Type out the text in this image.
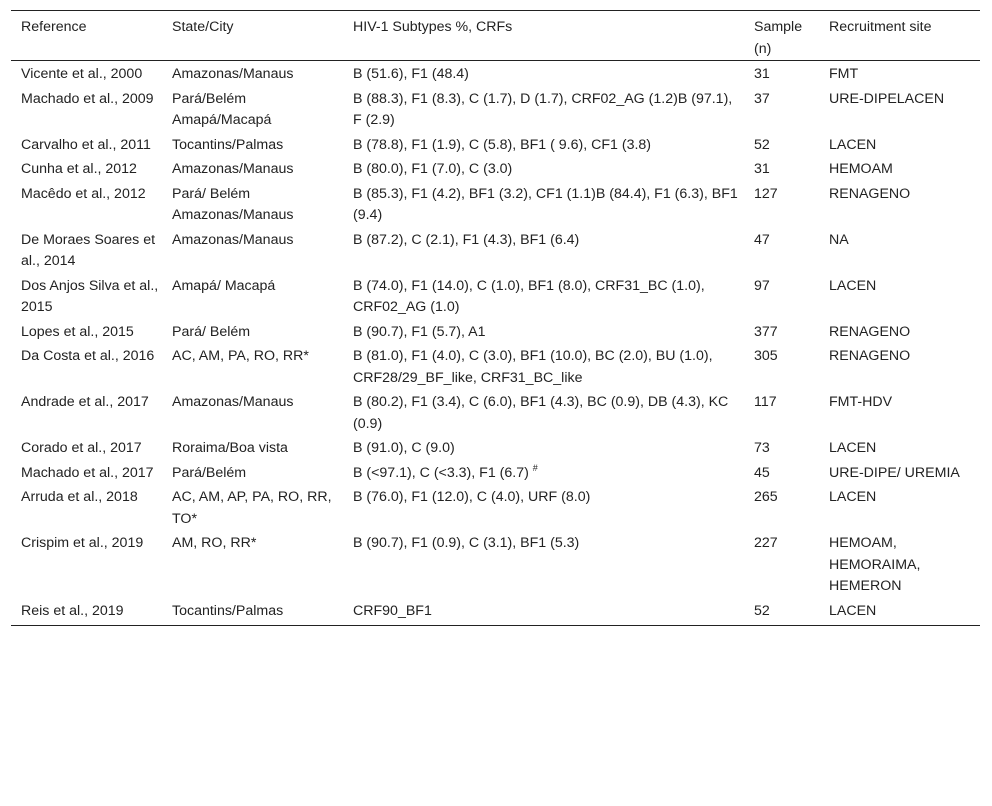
Reference	State/City	HIV-1 Subtypes %, CRFs	Sample (n)	Recruitment site
Vicente et al., 2000	Amazonas/Manaus	B (51.6), F1 (48.4)	31	FMT
Machado et al., 2009	Pará/Belém Amapá/Macapá	B (88.3), F1 (8.3), C (1.7), D (1.7), CRF02_AG (1.2)B (97.1), F (2.9)	37	URE-DIPELACEN
Carvalho et al., 2011	Tocantins/Palmas	B (78.8), F1 (1.9), C (5.8), BF1 ( 9.6), CF1 (3.8)	52	LACEN
Cunha et al., 2012	Amazonas/Manaus	B (80.0), F1 (7.0), C (3.0)	31	HEMOAM
Macêdo et al., 2012	Pará/ Belém Amazonas/Manaus	B (85.3), F1 (4.2), BF1 (3.2), CF1 (1.1)B (84.4), F1 (6.3), BF1 (9.4)	127	RENAGENO
De Moraes Soares et al., 2014	Amazonas/Manaus	B (87.2), C (2.1), F1 (4.3), BF1 (6.4)	47	NA
Dos Anjos Silva et al., 2015	Amapá/ Macapá	B (74.0), F1 (14.0), C (1.0), BF1 (8.0), CRF31_BC (1.0), CRF02_AG (1.0)	97	LACEN
Lopes et al., 2015	Pará/ Belém	B (90.7), F1 (5.7), A1	377	RENAGENO
Da Costa et al., 2016	AC, AM, PA, RO, RR*	B (81.0), F1 (4.0), C (3.0), BF1 (10.0), BC (2.0), BU (1.0), CRF28/29_BF_like, CRF31_BC_like	305	RENAGENO
Andrade et al., 2017	Amazonas/Manaus	B (80.2), F1 (3.4), C (6.0), BF1 (4.3), BC (0.9), DB (4.3), KC (0.9)	117	FMT-HDV
Corado et al., 2017	Roraima/Boa vista	B (91.0), C (9.0)	73	LACEN
Machado et al., 2017	Pará/Belém	B (<97.1), C (<3.3), F1 (6.7) #	45	URE-DIPE/ UREMIA
Arruda et al., 2018	AC, AM, AP, PA, RO, RR, TO*	B (76.0), F1 (12.0), C (4.0), URF (8.0)	265	LACEN
Crispim et al., 2019	AM, RO, RR*	B (90.7), F1 (0.9), C (3.1), BF1 (5.3)	227	HEMOAM, HEMORAIMA, HEMERON
Reis et al., 2019	Tocantins/Palmas	CRF90_BF1	52	LACEN
